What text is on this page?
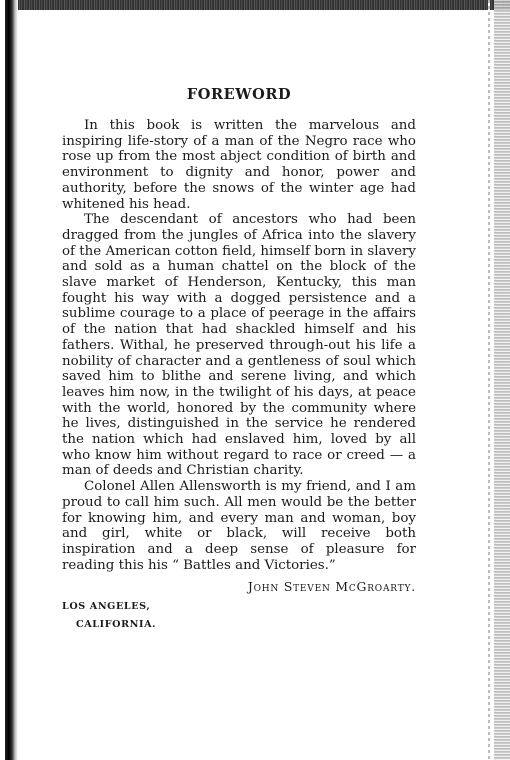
FOREWORD

In this book is written the marvelous and inspiring life-story of a man of the Negro race who rose up from the most abject condition of birth and environment to dignity and honor, power and authority, before the snows of the winter age had whitened his head.

The descendant of ancestors who had been dragged from the jungles of Africa into the slavery of the American cotton field, himself born in slavery and sold as a human chattel on the block of the slave market of Henderson, Kentucky, this man fought his way with a dogged persistence and a sublime courage to a place of peerage in the affairs of the nation that had shackled himself and his fathers. Withal, he preserved through-out his life a nobility of character and a gentleness of soul which saved him to blithe and serene living, and which leaves him now, in the twilight of his days, at peace with the world, honored by the community where he lives, distinguished in the service he rendered the nation which had enslaved him, loved by all who know him without regard to race or creed — a man of deeds and Christian charity.

Colonel Allen Allensworth is my friend, and I am proud to call him such. All men would be the better for knowing him, and every man and woman, boy and girl, white or black, will receive both inspiration and a deep sense of pleasure for reading this his “ Battles and Victories.”

John Steven McGroarty.
LOS ANGELES,
CALIFORNIA.
